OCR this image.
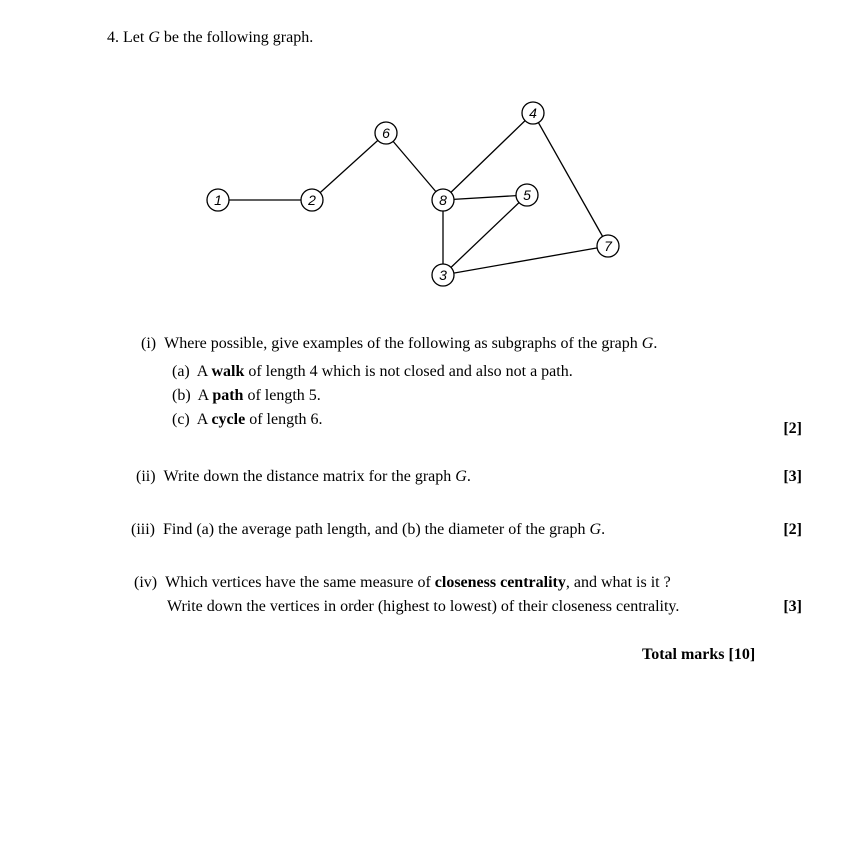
4. Let G be the following graph.
1	2
6
8
4
5
7
3
(i) Where possible, give examples of the following as subgraphs of the graph G.
(a) A walk of length 4 which is not closed and also not a path.
(b) A path of length 5.
(c) A cycle of length 6.
[2]
(ii) Write down the distance matrix for the graph G.	[3]
(iii) Find (a) the average path length, and (b) the diameter of the graph G.	[2]
(iv) Which vertices have the same measure of closeness centrality, and what is it ?
Write down the vertices in order (highest to lowest) of their closeness centrality.	[3]
Total marks [10]
